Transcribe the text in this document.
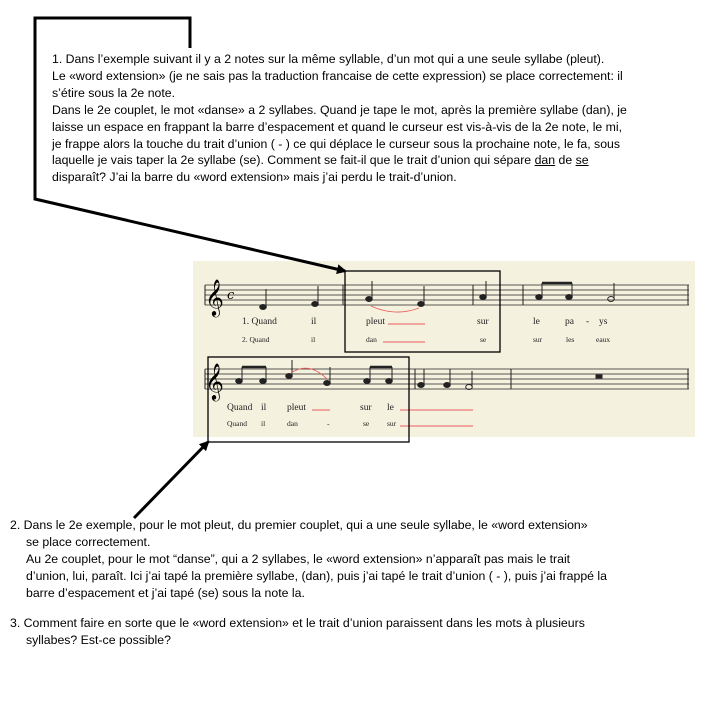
1. Dans l’exemple suivant il y a 2 notes sur la même syllable, d’un mot qui a une seule syllabe (pleut).
Le «word extension» (je ne sais pas la traduction francaise de cette expression) se place correctement: il
s’étire sous la 2e note.
Dans le 2e couplet, le mot «danse» a 2 syllabes. Quand je tape le mot, après la première syllabe (dan), je
laisse un espace en frappant la barre d’espacement et quand le curseur est vis-à-vis de la 2e note, le mi,
je frappe alors la touche du trait d’union ( - ) ce qui déplace le curseur sous la prochaine note, le fa, sous
laquelle je vais taper la 2e syllabe (se). Comment se fait-il que le trait d’union qui sépare dan de se
disparaît? J’ai la barre du «word extension» mais j’ai perdu le trait-d’union.
𝄞 c
𝄞
1. Quand	il	pleut	sur	le	pa - ys
2. Quand	il	dan	se	sur	les	eaux
Quand il pleut	sur le
Quand il	dan	-	se sur
2. Dans le 2e exemple, pour le mot pleut, du premier couplet, qui a une seule syllabe, le «word extension»
se place correctement.
Au 2e couplet, pour le mot “danse”, qui a 2 syllabes, le «word extension» n’apparaît pas mais le trait
d’union, lui, paraît. Ici j’ai tapé la première syllabe, (dan), puis j’ai tapé le trait d’union ( - ), puis j’ai frappé la
barre d’espacement et j’ai tapé (se) sous la note la.
3. Comment faire en sorte que le «word extension» et le trait d’union paraissent dans les mots à plusieurs
syllabes? Est-ce possible?
